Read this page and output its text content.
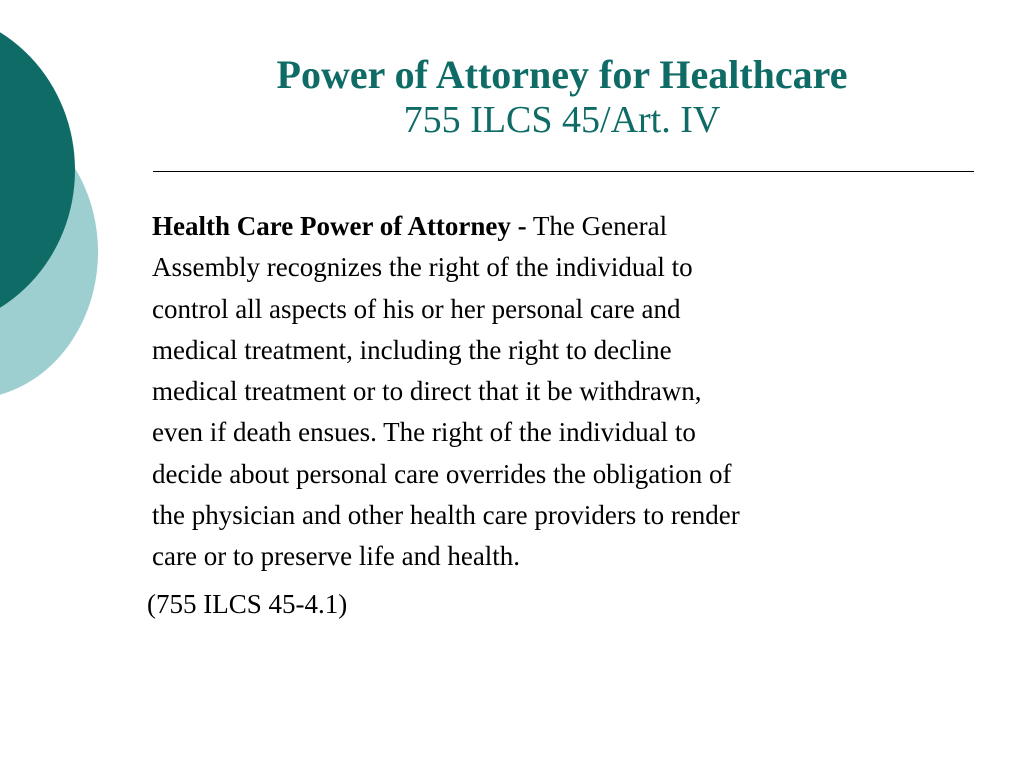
Power of Attorney for Healthcare
755 ILCS 45/Art. IV
Health Care Power of Attorney - The General
Assembly recognizes the right of the individual to
control all aspects of his or her personal care and
medical treatment, including the right to decline
medical treatment or to direct that it be withdrawn,
even if death ensues. The right of the individual to
decide about personal care overrides the obligation of
the physician and other health care providers to render
care or to preserve life and health.
(755 ILCS 45-4.1)
